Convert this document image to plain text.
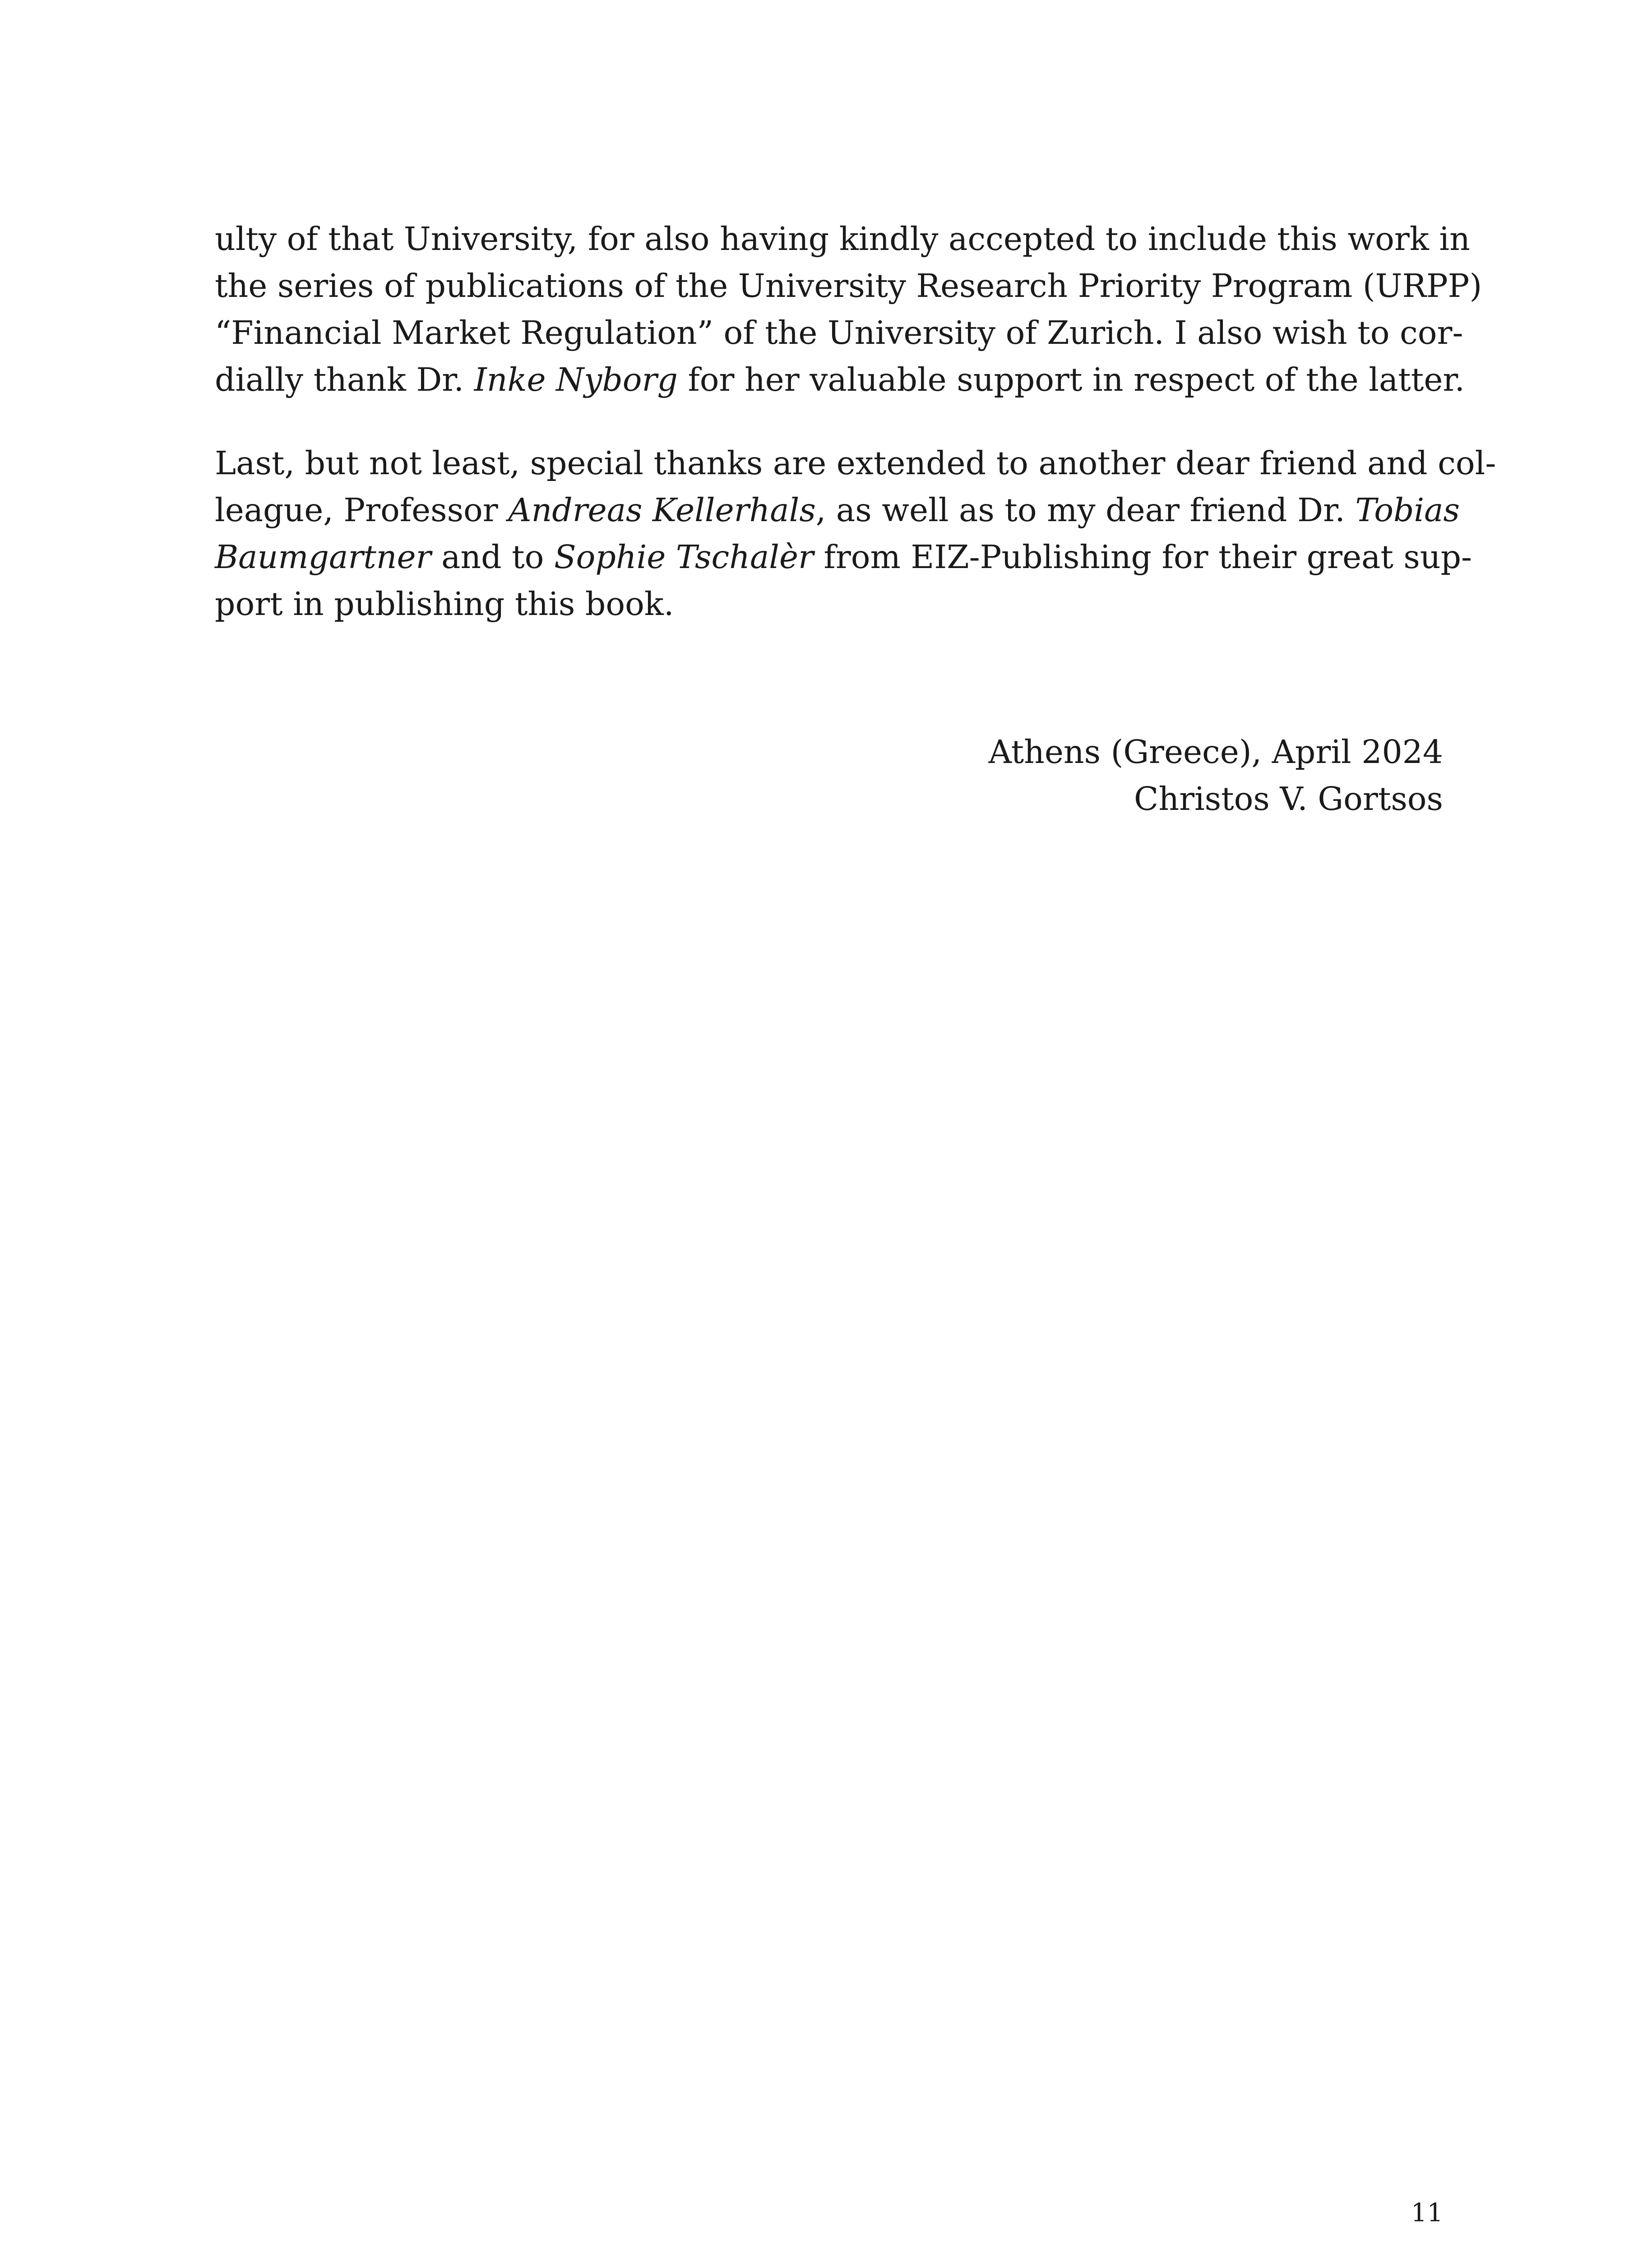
ulty of that University, for also having kindly accepted to include this work in
the series of publications of the University Research Priority Program (URPP)
“Financial Market Regulation” of the University of Zurich. I also wish to cor-
dially thank Dr. Inke Nyborg for her valuable support in respect of the latter.
Last, but not least, special thanks are extended to another dear friend and col-
league, Professor Andreas Kellerhals, as well as to my dear friend Dr. Tobias
Baumgartner and to Sophie Tschalèr from EIZ-Publishing for their great sup-
port in publishing this book.
Athens (Greece), April 2024
Christos V. Gortsos
11
